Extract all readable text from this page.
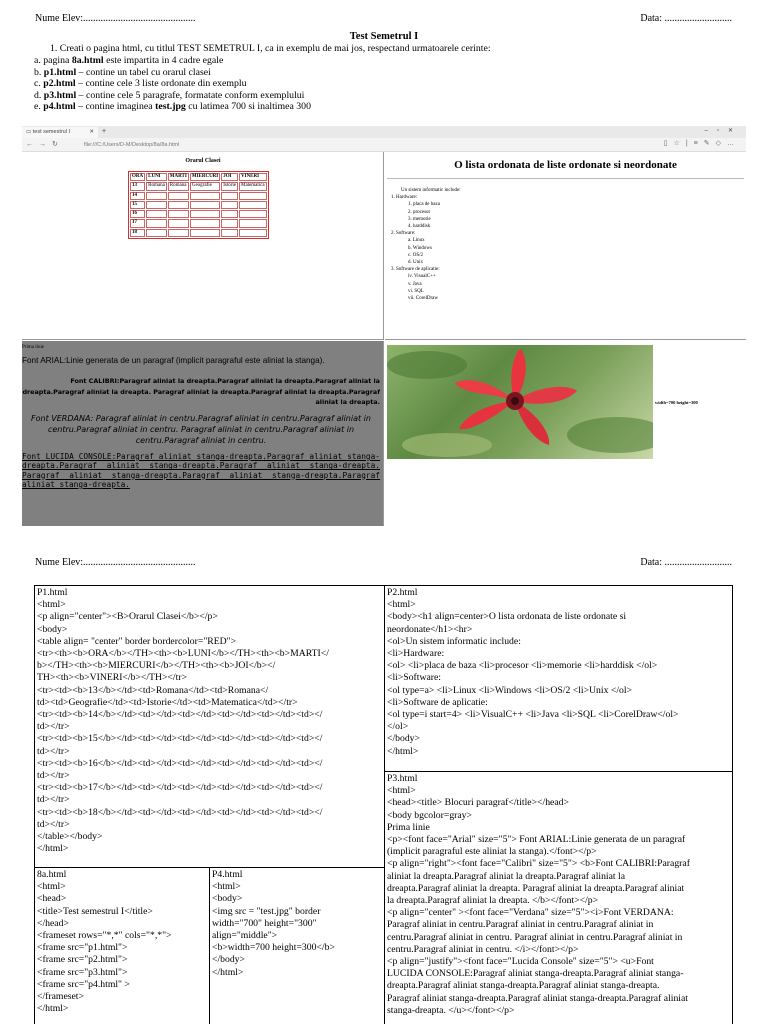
Nume Elev:.............................................	Data: ...........................
Test Semetrul I
1. Creati o pagina html, cu titlul TEST SEMETRUL I, ca in exemplu de mai jos, respectand urmatoarele cerinte:
a. pagina 8a.html este impartita in 4 cadre egale
b. p1.html – contine un tabel cu orarul clasei
c. p2.html – contine cele 3 liste ordonate din exemplu
d. p3.html – contine cele 5 paragrafe, formatate conform exemplului
e. p4.html – contine imaginea test.jpg cu latimea 700 si inaltimea 300
▭ test semestrul I	✕ +	–▫✕
←→↻	file:///C:/Users/D-M/Desktop/8a/8a.html	▯☆|≡✎◇…
Orarul Clasei
ORA	LUNI	MARTI	MIERCURI	JOI	VINERI
13	Romana	Romana	Geografie	Istorie	Matematica
14					
15					
16					
17					
18					
O lista ordonata de liste ordonate si neordonate
Un sistem informatic include:
1. Hardware:
1. placa de baza
2. procesor
3. memorie
4. harddisk
2. Software:
a. Linux
b. Windows
c. OS/2
d. Unix
3. Software de aplicatie:
iv. VisualC++
v. Java
vi. SQL
vii. CorelDraw
Prima linie
Font ARIAL:Linie generata de un paragraf (implicit paragraful este aliniat la stanga).
Font CALIBRI:Paragraf aliniat la dreapta.Paragraf aliniat la dreapta.Paragraf aliniat la dreapta.Paragraf aliniat la dreapta. Paragraf aliniat la dreapta.Paragraf aliniat la dreapta.Paragraf aliniat la dreapta.
Font VERDANA: Paragraf aliniat in centru.Paragraf aliniat in centru.Paragraf aliniat in centru.Paragraf aliniat in centru. Paragraf aliniat in centru.Paragraf aliniat in centru.Paragraf aliniat in centru.
Font LUCIDA CONSOLE:Paragraf aliniat stanga-dreapta.Paragraf aliniat stanga-dreapta.Paragraf aliniat stanga-dreapta.Paragraf aliniat stanga-dreapta. Paragraf aliniat stanga-dreapta.Paragraf aliniat stanga-dreapta.Paragraf aliniat stanga-dreapta.
width=700 height=300
Nume Elev:.............................................	Data: ...........................
P1.html
<html>
<p align="center"><B>Orarul Clasei</b></p>
<body>
<table align= "center" border bordercolor="RED">
<tr><th><b>ORA</b></TH><th><b>LUNI</b></TH><th><b>MARTI</
b></TH><th><b>MIERCURI</b></TH><th><b>JOI</b></
TH><th><b>VINERI</b></TH></tr>
<tr><td><b>13</b></td><td>Romana</td><td>Romana</
td><td>Geografie</td><td>Istorie</td><td>Matematica</td></tr>
<tr><td><b>14</b></td><td></td><td></td><td></td><td></td><td></
td></tr>
<tr><td><b>15</b></td><td></td><td></td><td></td><td></td><td></
td></tr>
<tr><td><b>16</b></td><td></td><td></td><td></td><td></td><td></
td></tr>
<tr><td><b>17</b></td><td></td><td></td><td></td><td></td><td></
td></tr>
<tr><td><b>18</b></td><td></td><td></td><td></td><td></td><td></
td></tr>
</table></body>
</html>
P2.html
<html>
<body><h1 align=center>O lista ordonata de liste ordonate si
neordonate</h1><hr>
<ol>Un sistem informatic include:
<li>Hardware:
<ol> <li>placa de baza <li>procesor <li>memorie <li>harddisk </ol>
<li>Software:
<ol type=a> <li>Linux <li>Windows <li>OS/2 <li>Unix </ol>
<li>Software de aplicatie:
<ol type=i start=4> <li>VisualC++ <li>Java <li>SQL <li>CorelDraw</ol>
</ol>
</body>
</html>
P3.html
<html>
<head><title> Blocuri paragraf</title></head>
<body bgcolor=gray>
Prima linie
<p><font face="Arial" size="5"> Font ARIAL:Linie generata de un paragraf
(implicit paragraful este aliniat la stanga).</font></p>
<p align="right"><font face="Calibri" size="5"> <b>Font CALIBRI:Paragraf
aliniat la dreapta.Paragraf aliniat la dreapta.Paragraf aliniat la
dreapta.Paragraf aliniat la dreapta. Paragraf aliniat la dreapta.Paragraf aliniat
la dreapta.Paragraf aliniat la dreapta. </b></font></p>
<p align="center" ><font face="Verdana" size="5"><i>Font VERDANA:
Paragraf aliniat in centru.Paragraf aliniat in centru.Paragraf aliniat in
centru.Paragraf aliniat in centru. Paragraf aliniat in centru.Paragraf aliniat in
centru.Paragraf aliniat in centru. </i></font></p>
<p align="justify"><font face="Lucida Console" size="5"> <u>Font
LUCIDA CONSOLE:Paragraf aliniat stanga-dreapta.Paragraf aliniat stanga-
dreapta.Paragraf aliniat stanga-dreapta.Paragraf aliniat stanga-dreapta.
Paragraf aliniat stanga-dreapta.Paragraf aliniat stanga-dreapta.Paragraf aliniat
stanga-dreapta. </u></font></p>
8a.html
<html>
<head>
<title>Test semestrul I</title>
</head>
<frameset rows="*,*" cols="*,*">
<frame src="p1.html">
<frame src="p2.html">
<frame src="p3.html">
<frame src="p4.html" >
</frameset>
</html>
P4.html
<html>
<body>
<img src = "test.jpg" border
width="700" height="300"
align="middle">
<b>width=700 height=300</b>
</body>
</html>
